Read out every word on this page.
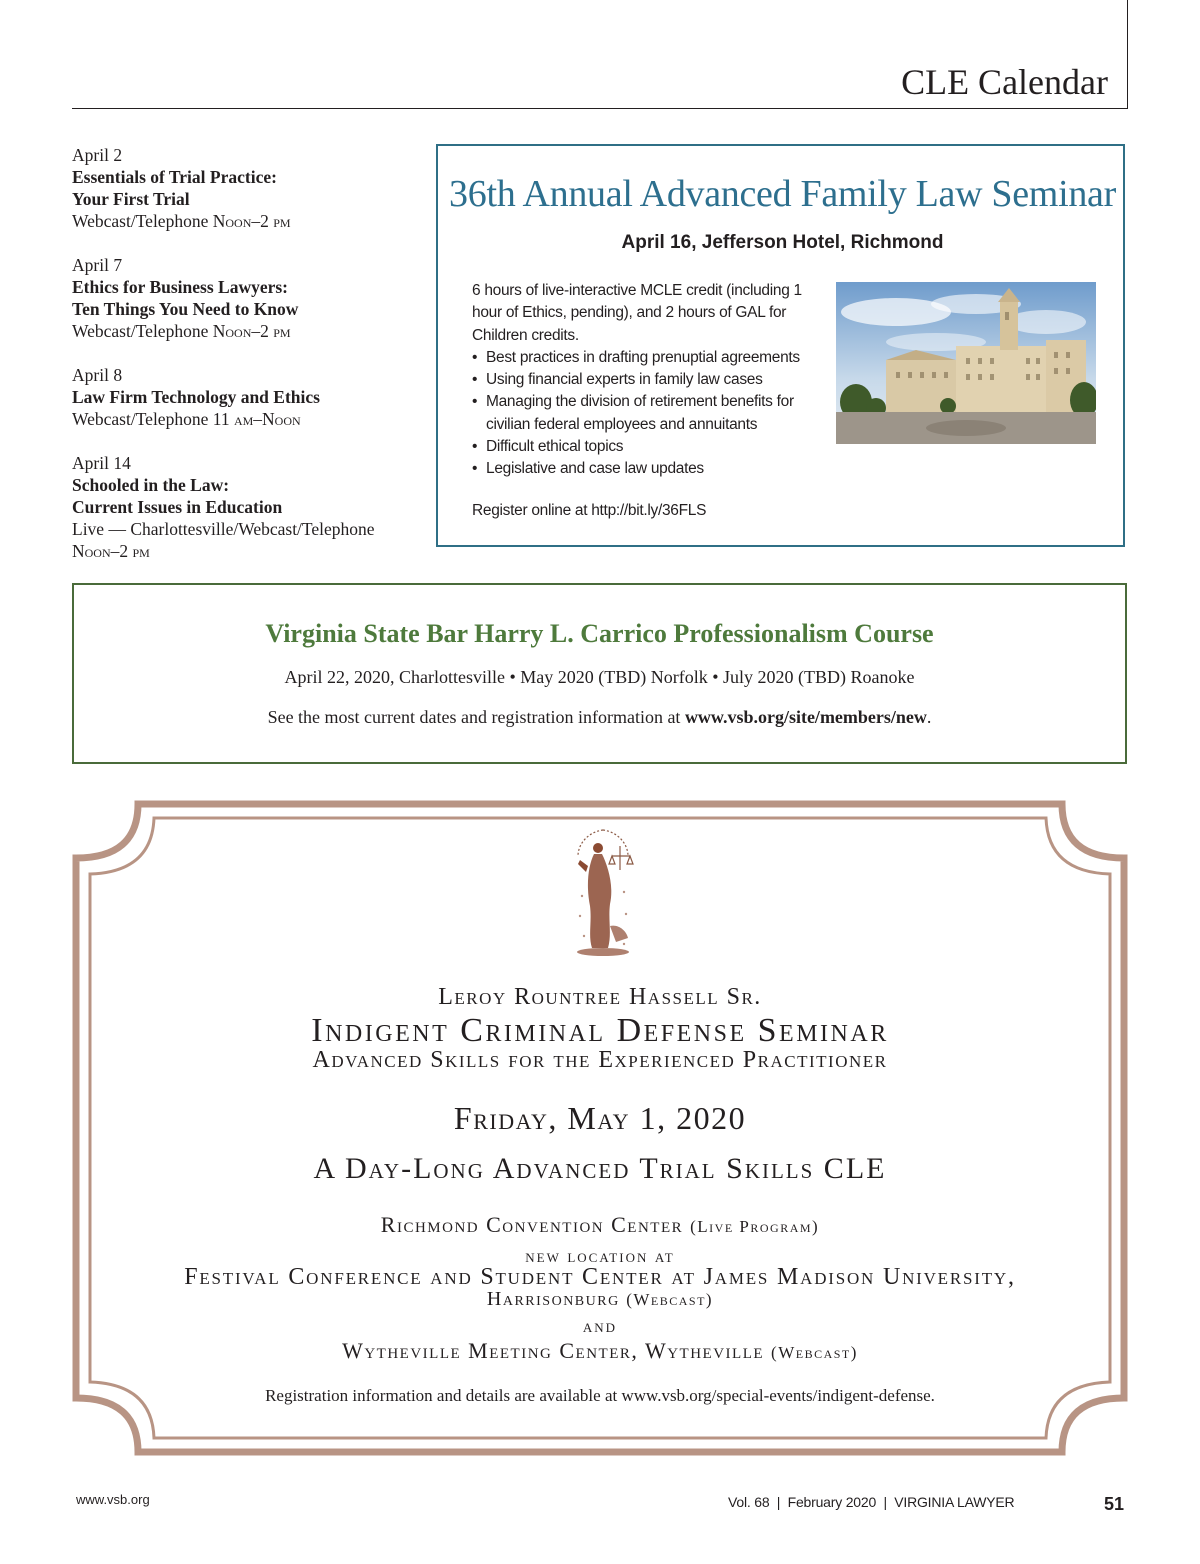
CLE Calendar
April 2
Essentials of Trial Practice:
Your First Trial
Webcast/Telephone Noon–2 pm
April 7
Ethics for Business Lawyers:
Ten Things You Need to Know
Webcast/Telephone Noon–2 pm
April 8
Law Firm Technology and Ethics
Webcast/Telephone 11 am–Noon
April 14
Schooled in the Law:
Current Issues in Education
Live — Charlottesville/Webcast/Telephone
Noon–2 pm
36th Annual Advanced Family Law Seminar
April 16, Jefferson Hotel, Richmond
6 hours of live-interactive MCLE credit (including 1 hour of Ethics, pending), and 2 hours of GAL for Children credits.
• Best practices in drafting prenuptial agreements
• Using financial experts in family law cases
• Managing the division of retirement benefits for civilian federal employees and annuitants
• Difficult ethical topics
• Legislative and case law updates
Register online at http://bit.ly/36FLS
Virginia State Bar Harry L. Carrico Professionalism Course
April 22, 2020, Charlottesville • May 2020 (TBD) Norfolk • July 2020 (TBD) Roanoke
See the most current dates and registration information at www.vsb.org/site/members/new.
Leroy Rountree Hassell Sr.
Indigent Criminal Defense Seminar
Advanced Skills for the Experienced Practitioner
Friday, May 1, 2020
A Day-Long Advanced Trial Skills CLE
Richmond Convention Center (Live Program)
new location at
Festival Conference and Student Center at James Madison University,
Harrisonburg (Webcast)
and
Wytheville Meeting Center, Wytheville (Webcast)
Registration information and details are available at www.vsb.org/special-events/indigent-defense.
www.vsb.org	Vol. 68  |  February 2020  |  VIRGINIA LAWYER	51
